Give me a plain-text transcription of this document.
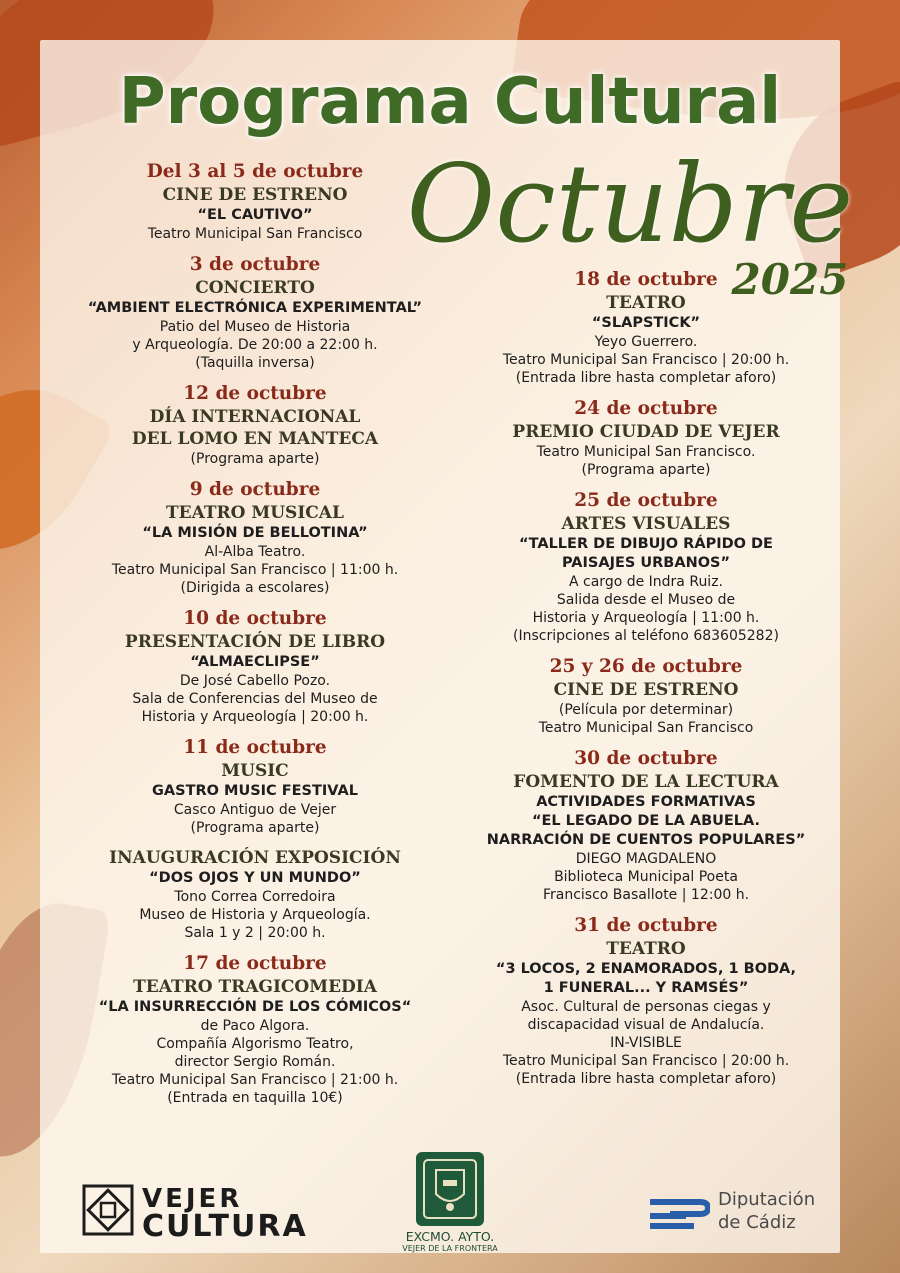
Programa Cultural
Octubre
2025
Del 3 al 5 de octubre
CINE DE ESTRENO
“EL CAUTIVO”
Teatro Municipal San Francisco
3 de octubre
CONCIERTO
“AMBIENT ELECTRÓNICA EXPERIMENTAL”
Patio del Museo de Historia
y Arqueología. De 20:00 a 22:00 h.
(Taquilla inversa)
12 de octubre
DÍA INTERNACIONAL
DEL LOMO EN MANTECA
(Programa aparte)
9 de octubre
TEATRO MUSICAL
“LA MISIÓN DE BELLOTINA”
Al-Alba Teatro.
Teatro Municipal San Francisco | 11:00 h.
(Dirigida a escolares)
10 de octubre
PRESENTACIÓN DE LIBRO
“ALMAECLIPSE”
De José Cabello Pozo.
Sala de Conferencias del Museo de
Historia y Arqueología | 20:00 h.
11 de octubre
MUSIC
GASTRO MUSIC FESTIVAL
Casco Antiguo de Vejer
(Programa aparte)
INAUGURACIÓN EXPOSICIÓN
“DOS OJOS Y UN MUNDO”
Tono Correa Corredoira
Museo de Historia y Arqueología.
Sala 1 y 2 | 20:00 h.
17 de octubre
TEATRO TRAGICOMEDIA
“LA INSURRECCIÓN DE LOS CÓMICOS“
de Paco Algora.
Compañía Algorismo Teatro,
director Sergio Román.
Teatro Municipal San Francisco | 21:00 h.
(Entrada en taquilla 10€)
18 de octubre
TEATRO
“SLAPSTICK”
Yeyo Guerrero.
Teatro Municipal San Francisco | 20:00 h.
(Entrada libre hasta completar aforo)
24 de octubre
PREMIO CIUDAD DE VEJER
Teatro Municipal San Francisco.
(Programa aparte)
25 de octubre
ARTES VISUALES
“TALLER DE DIBUJO RÁPIDO DE
PAISAJES URBANOS”
A cargo de Indra Ruiz.
Salida desde el Museo de
Historia y Arqueología | 11:00 h.
(Inscripciones al teléfono 683605282)
25 y 26 de octubre
CINE DE ESTRENO
(Película por determinar)
Teatro Municipal San Francisco
30 de octubre
FOMENTO DE LA LECTURA
ACTIVIDADES FORMATIVAS
“EL LEGADO DE LA ABUELA.
NARRACIÓN DE CUENTOS POPULARES”
DIEGO MAGDALENO
Biblioteca Municipal Poeta
Francisco Basallote | 12:00 h.
31 de octubre
TEATRO
“3 LOCOS, 2 ENAMORADOS, 1 BODA,
1 FUNERAL... Y RAMSÉS”
Asoc. Cultural de personas ciegas y
discapacidad visual de Andalucía.
IN-VISIBLE
Teatro Municipal San Francisco | 20:00 h.
(Entrada libre hasta completar aforo)
VEJER
CULTURA	EXCMO. AYTO.
VEJER DE LA FRONTERA
Diputación
de Cádiz
